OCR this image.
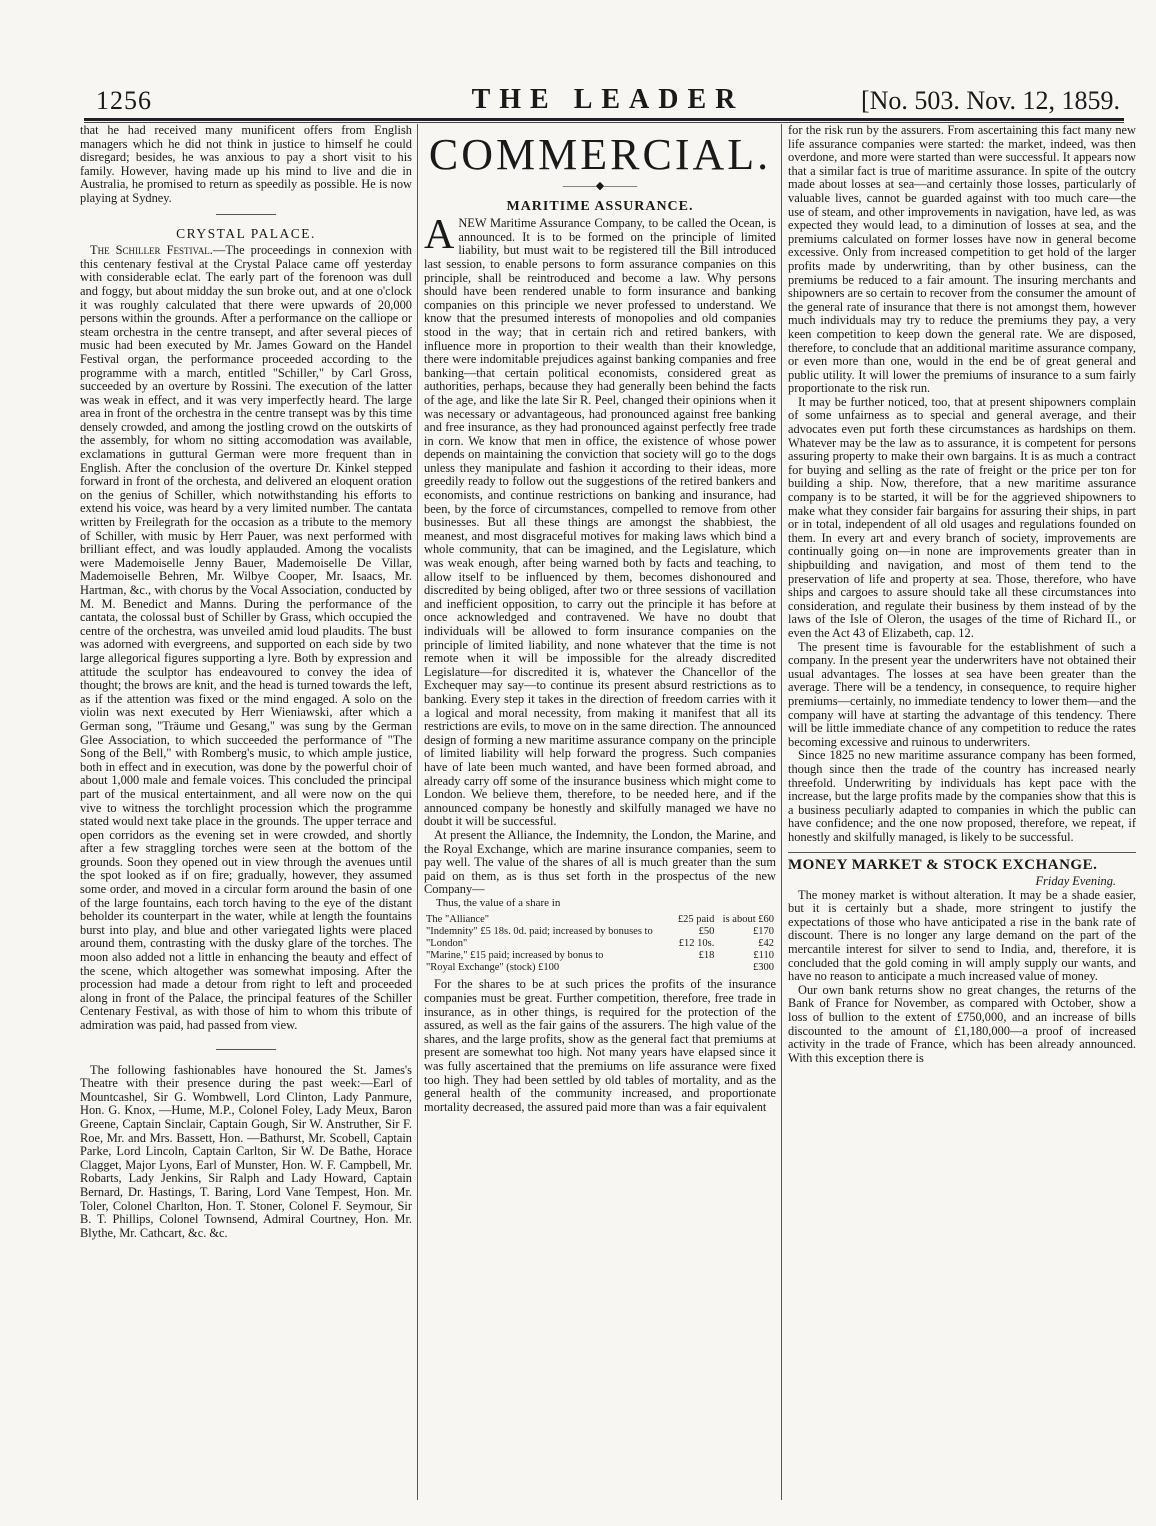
1256	THE LEADER	[No. 503. Nov. 12, 1859.

that he had received many munificent offers from English managers which he did not think in justice to himself he could disregard; besides, he was anxious to pay a short visit to his family. However, having made up his mind to live and die in Australia, he promised to return as speedily as possible. He is now playing at Sydney.

CRYSTAL PALACE.

The Schiller Festival.—The proceedings in connexion with this centenary festival at the Crystal Palace came off yesterday with considerable eclat. The early part of the forenoon was dull and foggy, but about midday the sun broke out, and at one o'clock it was roughly calculated that there were upwards of 20,000 persons within the grounds. After a performance on the calliope or steam orchestra in the centre transept, and after several pieces of music had been executed by Mr. James Goward on the Handel Festival organ, the performance proceeded according to the programme with a march, entitled "Schiller," by Carl Gross, succeeded by an overture by Rossini. The execution of the latter was weak in effect, and it was very imperfectly heard. The large area in front of the orchestra in the centre transept was by this time densely crowded, and among the jostling crowd on the outskirts of the assembly, for whom no sitting accomodation was available, exclamations in guttural German were more frequent than in English. After the conclusion of the overture Dr. Kinkel stepped forward in front of the orchesta, and delivered an eloquent oration on the genius of Schiller, which notwithstanding his efforts to extend his voice, was heard by a very limited number. The cantata written by Freilegrath for the occasion as a tribute to the memory of Schiller, with music by Herr Pauer, was next performed with brilliant effect, and was loudly applauded. Among the vocalists were Mademoiselle Jenny Bauer, Mademoiselle De Villar, Mademoiselle Behren, Mr. Wilbye Cooper, Mr. Isaacs, Mr. Hartman, &c., with chorus by the Vocal Association, conducted by M. M. Benedict and Manns. During the performance of the cantata, the colossal bust of Schiller by Grass, which occupied the centre of the orchestra, was unveiled amid loud plaudits. The bust was adorned with evergreens, and supported on each side by two large allegorical figures supporting a lyre. Both by expression and attitude the sculptor has endeavoured to convey the idea of thought; the brows are knit, and the head is turned towards the left, as if the attention was fixed or the mind engaged. A solo on the violin was next executed by Herr Wieniawski, after which a German song, "Träume und Gesang," was sung by the German Glee Association, to which succeeded the performance of "The Song of the Bell," with Romberg's music, to which ample justice, both in effect and in execution, was done by the powerful choir of about 1,000 male and female voices. This concluded the principal part of the musical entertainment, and all were now on the qui vive to witness the torchlight procession which the programme stated would next take place in the grounds. The upper terrace and open corridors as the evening set in were crowded, and shortly after a few straggling torches were seen at the bottom of the grounds. Soon they opened out in view through the avenues until the spot looked as if on fire; gradually, however, they assumed some order, and moved in a circular form around the basin of one of the large fountains, each torch having to the eye of the distant beholder its counterpart in the water, while at length the fountains burst into play, and blue and other variegated lights were placed around them, contrasting with the dusky glare of the torches. The moon also added not a little in enhancing the beauty and effect of the scene, which altogether was somewhat imposing. After the procession had made a detour from right to left and proceeded along in front of the Palace, the principal features of the Schiller Centenary Festival, as with those of him to whom this tribute of admiration was paid, had passed from view.

The following fashionables have honoured the St. James's Theatre with their presence during the past week:—Earl of Mountcashel, Sir G. Wombwell, Lord Clinton, Lady Panmure, Hon. G. Knox, —Hume, M.P., Colonel Foley, Lady Meux, Baron Greene, Captain Sinclair, Captain Gough, Sir W. Anstruther, Sir F. Roe, Mr. and Mrs. Bassett, Hon. —Bathurst, Mr. Scobell, Captain Parke, Lord Lincoln, Captain Carlton, Sir W. De Bathe, Horace Clagget, Major Lyons, Earl of Munster, Hon. W. F. Campbell, Mr. Robarts, Lady Jenkins, Sir Ralph and Lady Howard, Captain Bernard, Dr. Hastings, T. Baring, Lord Vane Tempest, Hon. Mr. Toler, Colonel Charlton, Hon. T. Stoner, Colonel F. Seymour, Sir B. T. Phillips, Colonel Townsend, Admiral Courtney, Hon. Mr. Blythe, Mr. Cathcart, &c. &c.

COMMERCIAL.
———◆———
MARITIME ASSURANCE.

ANEW Maritime Assurance Company, to be called the Ocean, is announced. It is to be formed on the principle of limited liability, but must wait to be registered till the Bill introduced last session, to enable persons to form assurance companies on this principle, shall be reintroduced and become a law. Why persons should have been rendered unable to form insurance and banking companies on this principle we never professed to understand. We know that the presumed interests of monopolies and old companies stood in the way; that in certain rich and retired bankers, with influence more in proportion to their wealth than their knowledge, there were indomitable prejudices against banking companies and free banking—that certain political economists, considered great as authorities, perhaps, because they had generally been behind the facts of the age, and like the late Sir R. Peel, changed their opinions when it was necessary or advantageous, had pronounced against free banking and free insurance, as they had pronounced against perfectly free trade in corn. We know that men in office, the existence of whose power depends on maintaining the conviction that society will go to the dogs unless they manipulate and fashion it according to their ideas, more greedily ready to follow out the suggestions of the retired bankers and economists, and continue restrictions on banking and insurance, had been, by the force of circumstances, compelled to remove from other businesses. But all these things are amongst the shabbiest, the meanest, and most disgraceful motives for making laws which bind a whole community, that can be imagined, and the Legislature, which was weak enough, after being warned both by facts and teaching, to allow itself to be influenced by them, becomes dishonoured and discredited by being obliged, after two or three sessions of vacillation and inefficient opposition, to carry out the principle it has before at once acknowledged and contravened. We have no doubt that individuals will be allowed to form insurance companies on the principle of limited liability, and none whatever that the time is not remote when it will be impossible for the already discredited Legislature—for discredited it is, whatever the Chancellor of the Exchequer may say—to continue its present absurd restrictions as to banking. Every step it takes in the direction of freedom carries with it a logical and moral necessity, from making it manifest that all its restrictions are evils, to move on in the same direction. The announced design of forming a new maritime assurance company on the principle of limited liability will help forward the progress. Such companies have of late been much wanted, and have been formed abroad, and already carry off some of the insurance business which might come to London. We believe them, therefore, to be needed here, and if the announced company be honestly and skilfully managed we have no doubt it will be successful.

At present the Alliance, the Indemnity, the London, the Marine, and the Royal Exchange, which are marine insurance companies, seem to pay well. The value of the shares of all is much greater than the sum paid on them, as is thus set forth in the prospectus of the new Company—

Thus, the value of a share in
The "Alliance"	£25 paid	is about £60
"Indemnity" £5 18s. 0d. paid; increased by bonuses to	£50	£170
"London"	£12 10s.	£42
"Marine," £15 paid; increased by bonus to	£18	£110
"Royal Exchange" (stock) £100		£300

For the shares to be at such prices the profits of the insurance companies must be great. Further competition, therefore, free trade in insurance, as in other things, is required for the protection of the assured, as well as the fair gains of the assurers. The high value of the shares, and the large profits, show as the general fact that premiums at present are somewhat too high. Not many years have elapsed since it was fully ascertained that the premiums on life assurance were fixed too high. They had been settled by old tables of mortality, and as the general health of the community increased, and proportionate mortality decreased, the assured paid more than was a fair equivalent

for the risk run by the assurers. From ascertaining this fact many new life assurance companies were started: the market, indeed, was then overdone, and more were started than were successful. It appears now that a similar fact is true of maritime assurance. In spite of the outcry made about losses at sea—and certainly those losses, particularly of valuable lives, cannot be guarded against with too much care—the use of steam, and other improvements in navigation, have led, as was expected they would lead, to a diminution of losses at sea, and the premiums calculated on former losses have now in general become excessive. Only from increased competition to get hold of the larger profits made by underwriting, than by other business, can the premiums be reduced to a fair amount. The insuring merchants and shipowners are so certain to recover from the consumer the amount of the general rate of insurance that there is not amongst them, however much individuals may try to reduce the premiums they pay, a very keen competition to keep down the general rate. We are disposed, therefore, to conclude that an additional maritime assurance company, or even more than one, would in the end be of great general and public utility. It will lower the premiums of insurance to a sum fairly proportionate to the risk run.

It may be further noticed, too, that at present shipowners complain of some unfairness as to special and general average, and their advocates even put forth these circumstances as hardships on them. Whatever may be the law as to assurance, it is competent for persons assuring property to make their own bargains. It is as much a contract for buying and selling as the rate of freight or the price per ton for building a ship. Now, therefore, that a new maritime assurance company is to be started, it will be for the aggrieved shipowners to make what they consider fair bargains for assuring their ships, in part or in total, independent of all old usages and regulations founded on them. In every art and every branch of society, improvements are continually going on—in none are improvements greater than in shipbuilding and navigation, and most of them tend to the preservation of life and property at sea. Those, therefore, who have ships and cargoes to assure should take all these circumstances into consideration, and regulate their business by them instead of by the laws of the Isle of Oleron, the usages of the time of Richard II., or even the Act 43 of Elizabeth, cap. 12.

The present time is favourable for the establishment of such a company. In the present year the underwriters have not obtained their usual advantages. The losses at sea have been greater than the average. There will be a tendency, in consequence, to require higher premiums—certainly, no immediate tendency to lower them—and the company will have at starting the advantage of this tendency. There will be little immediate chance of any competition to reduce the rates becoming excessive and ruinous to underwriters.

Since 1825 no new maritime assurance company has been formed, though since then the trade of the country has increased nearly threefold. Underwriting by individuals has kept pace with the increase, but the large profits made by the companies show that this is a business peculiarly adapted to companies in which the public can have confidence; and the one now proposed, therefore, we repeat, if honestly and skilfully managed, is likely to be successful.

MONEY MARKET & STOCK EXCHANGE.
Friday Evening.

The money market is without alteration. It may be a shade easier, but it is certainly but a shade, more stringent to justify the expectations of those who have anticipated a rise in the bank rate of discount. There is no longer any large demand on the part of the mercantile interest for silver to send to India, and, therefore, it is concluded that the gold coming in will amply supply our wants, and have no reason to anticipate a much increased value of money.

Our own bank returns show no great changes, the returns of the Bank of France for November, as compared with October, show a loss of bullion to the extent of £750,000, and an increase of bills discounted to the amount of £1,180,000—a proof of increased activity in the trade of France, which has been already announced. With this exception there is
